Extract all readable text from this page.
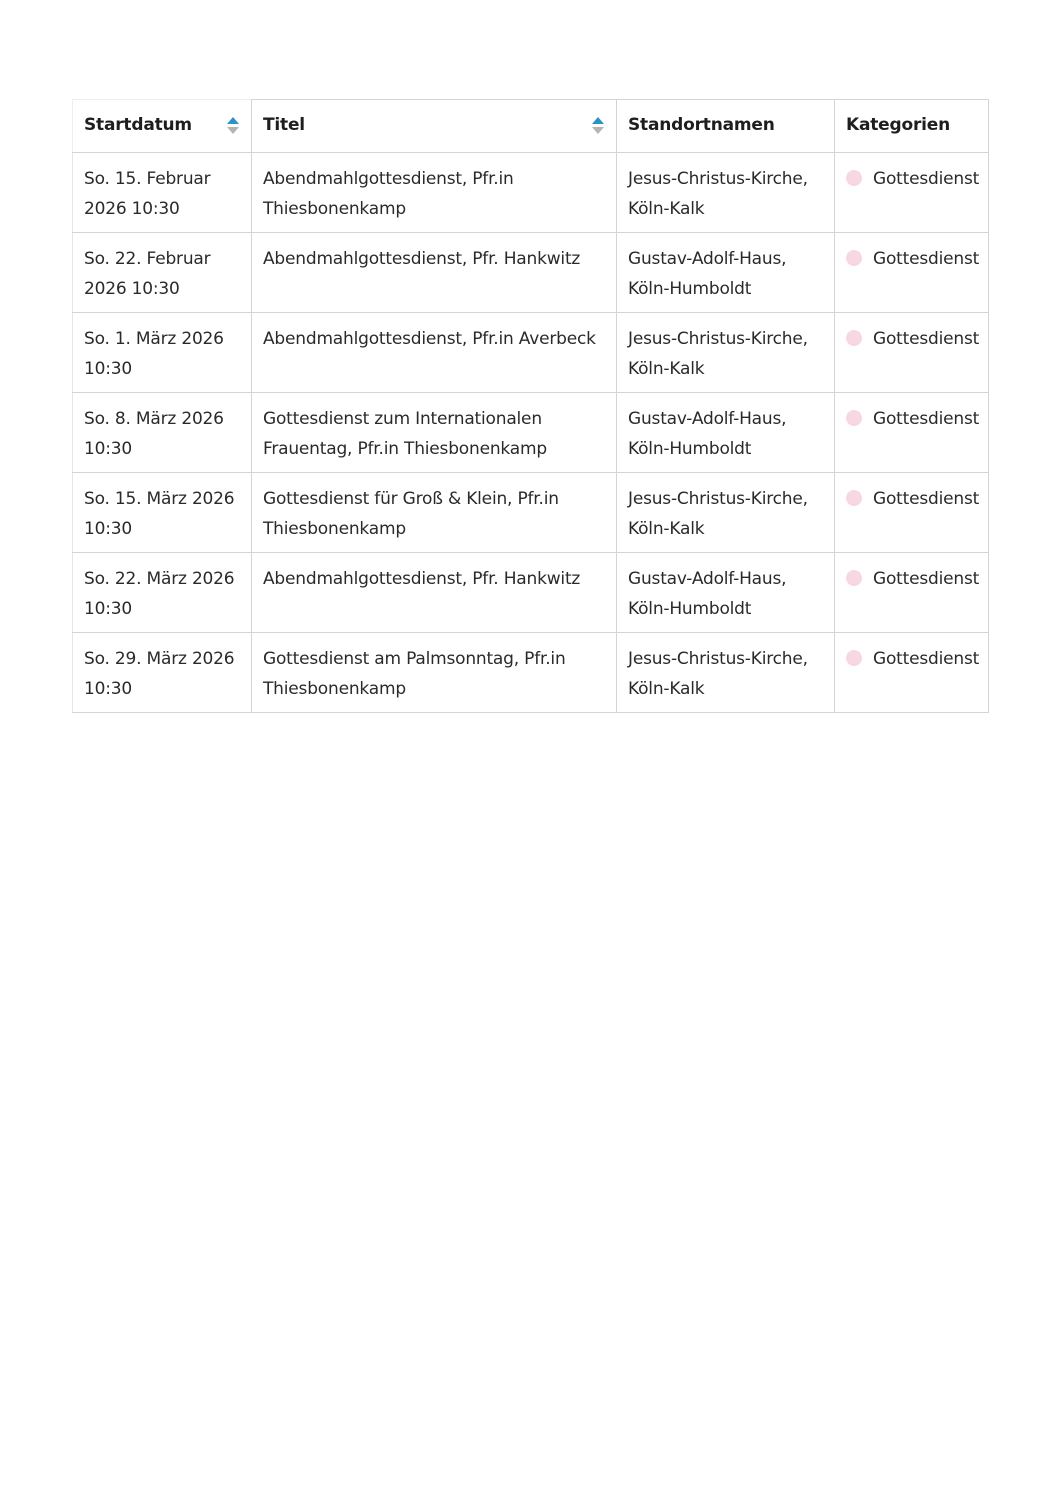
Startdatum	Titel	Standortnamen	Kategorien
So. 15. Februar 2026 10:30	Abendmahlgottesdienst, Pfr.in Thiesbonenkamp	Jesus-Christus-Kirche, Köln-Kalk	Gottesdienst
So. 22. Februar 2026 10:30	Abendmahlgottesdienst, Pfr. Hankwitz	Gustav-Adolf-Haus, Köln-Humboldt	Gottesdienst
So. 1. März 2026 10:30	Abendmahlgottesdienst, Pfr.in Averbeck	Jesus-Christus-Kirche, Köln-Kalk	Gottesdienst
So. 8. März 2026 10:30	Gottesdienst zum Internationalen Frauentag, Pfr.in Thiesbonenkamp	Gustav-Adolf-Haus, Köln-Humboldt	Gottesdienst
So. 15. März 2026 10:30	Gottesdienst für Groß & Klein, Pfr.in Thiesbonenkamp	Jesus-Christus-Kirche, Köln-Kalk	Gottesdienst
So. 22. März 2026 10:30	Abendmahlgottesdienst, Pfr. Hankwitz	Gustav-Adolf-Haus, Köln-Humboldt	Gottesdienst
So. 29. März 2026 10:30	Gottesdienst am Palmsonntag, Pfr.in Thiesbonenkamp	Jesus-Christus-Kirche, Köln-Kalk	Gottesdienst
